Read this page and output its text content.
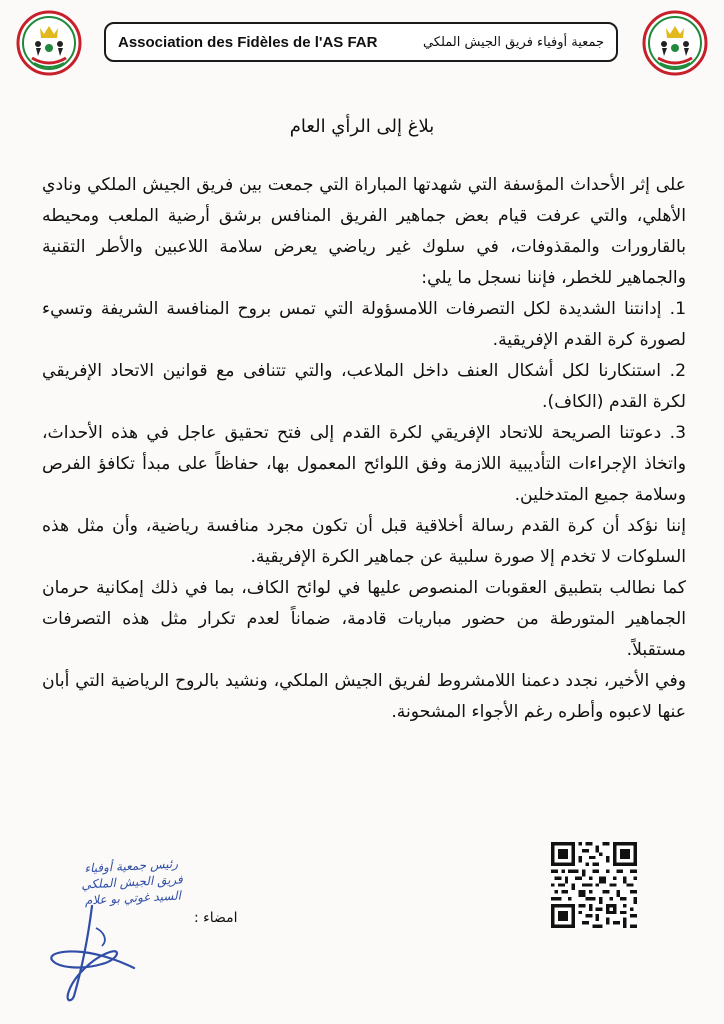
Association des Fidèles de l'AS FAR	جمعية أوفياء فريق الجيش الملكي
بلاغ إلى الرأي العام

على إثر الأحداث المؤسفة التي شهدتها المباراة التي جمعت بين فريق الجيش الملكي ونادي الأهلي، والتي عرفت قيام بعض جماهير الفريق المنافس برشق أرضية الملعب ومحيطه بالقارورات والمقذوفات، في سلوك غير رياضي يعرض سلامة اللاعبين والأطر التقنية والجماهير للخطر، فإننا نسجل ما يلي:

1. إدانتنا الشديدة لكل التصرفات اللامسؤولة التي تمس بروح المنافسة الشريفة وتسيء لصورة كرة القدم الإفريقية.
2. استنكارنا لكل أشكال العنف داخل الملاعب، والتي تتنافى مع قوانين الاتحاد الإفريقي لكرة القدم (الكاف).
3. دعوتنا الصريحة للاتحاد الإفريقي لكرة القدم إلى فتح تحقيق عاجل في هذه الأحداث، واتخاذ الإجراءات التأديبية اللازمة وفق اللوائح المعمول بها، حفاظاً على مبدأ تكافؤ الفرص وسلامة جميع المتدخلين.

إننا نؤكد أن كرة القدم رسالة أخلاقية قبل أن تكون مجرد منافسة رياضية، وأن مثل هذه السلوكات لا تخدم إلا صورة سلبية عن جماهير الكرة الإفريقية.

كما نطالب بتطبيق العقوبات المنصوص عليها في لوائح الكاف، بما في ذلك إمكانية حرمان الجماهير المتورطة من حضور مباريات قادمة، ضماناً لعدم تكرار مثل هذه التصرفات مستقبلاً.

وفي الأخير، نجدد دعمنا اللامشروط لفريق الجيش الملكي، ونشيد بالروح الرياضية التي أبان عنها لاعبوه وأطره رغم الأجواء المشحونة.

رئيس جمعية أوفياء
فريق الجيش الملكي
السيد غوتي بو علام
امضاء :
